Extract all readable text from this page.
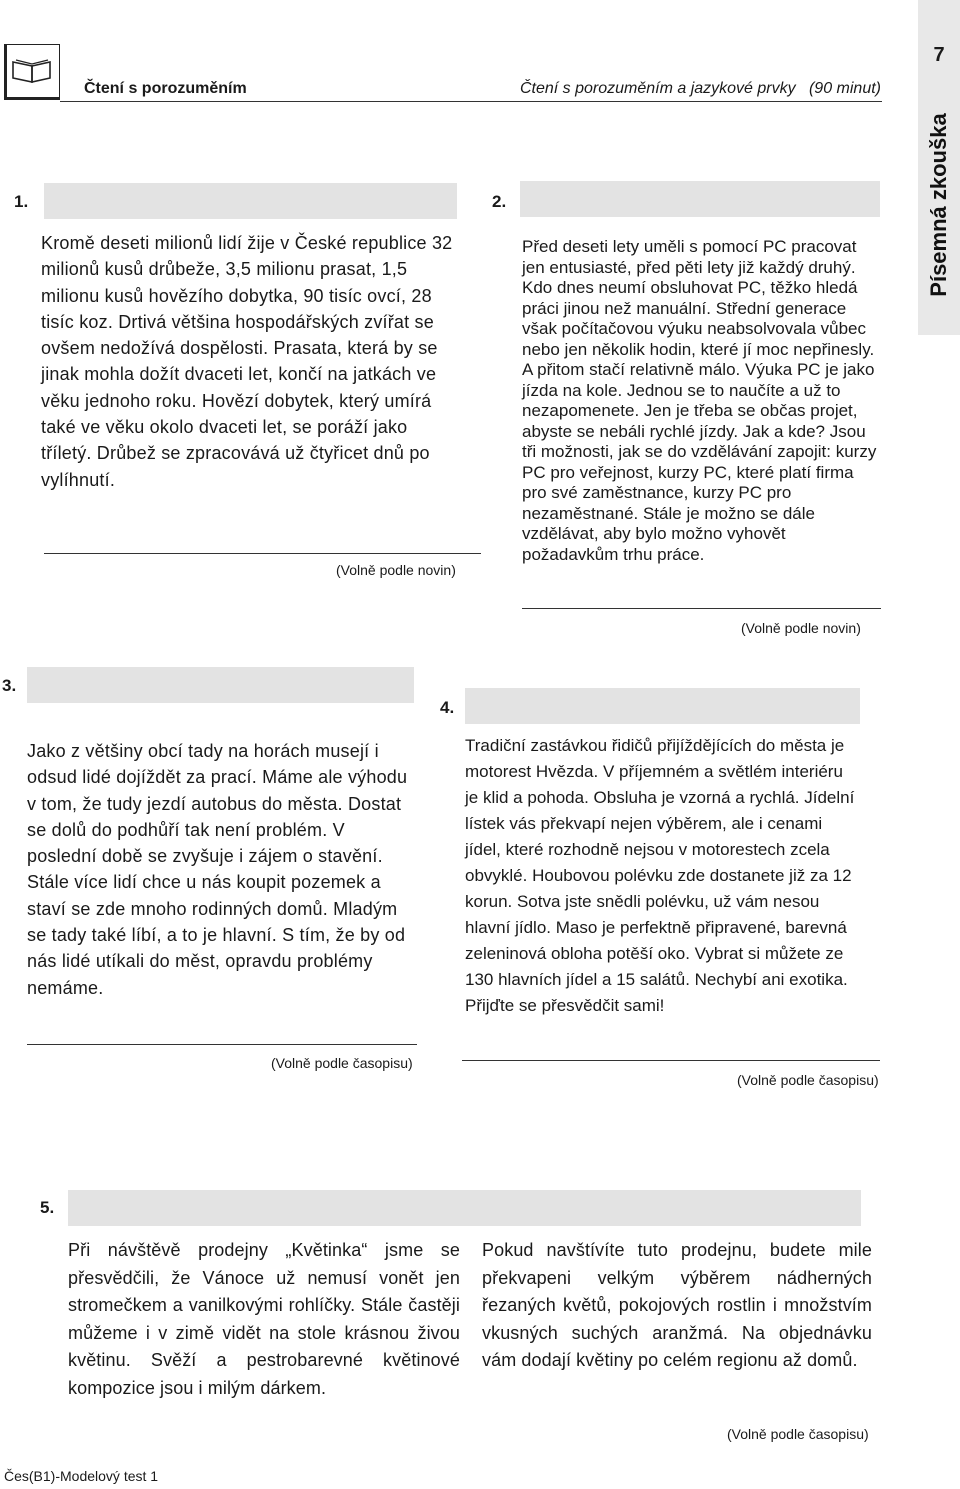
Čtení s porozuměním	Čtení s porozuměním a jazykové prvky (90 minut)
7
Písemná zkouška
1.
Kromě deseti milionů lidí žije v České republice 32 milionů kusů drůbeže, 3,5 milionu prasat, 1,5 milionu kusů hovězího dobytka, 90 tisíc ovcí, 28 tisíc koz. Drtivá většina hospodářských zvířat se ovšem nedožívá dospělosti. Prasata, která by se jinak mohla dožít dvaceti let, končí na jatkách ve věku jednoho roku. Hovězí dobytek, který umírá také ve věku okolo dvaceti let, se poráží jako tříletý. Drůbež se zpracovává už čtyřicet dnů po vylíhnutí.
(Volně podle novin)
2.
Před deseti lety uměli s pomocí PC pracovat jen entusiasté, před pěti lety již každý druhý. Kdo dnes neumí obsluhovat PC, těžko hledá práci jinou než manuální. Střední generace však počítačovou výuku neabsolvovala vůbec nebo jen několik hodin, které jí moc nepřinesly. A přitom stačí relativně málo. Výuka PC je jako jízda na kole. Jednou se to naučíte a už to nezapomenete. Jen je třeba se občas projet, abyste se nebáli rychlé jízdy. Jak a kde? Jsou tři možnosti, jak se do vzdělávání zapojit: kurzy PC pro veřejnost, kurzy PC, které platí firma pro své zaměstnance, kurzy PC pro nezaměstnané. Stále je možno se dále vzdělávat, aby bylo možno vyhovět požadavkům trhu práce.
(Volně podle novin)
3.
Jako z většiny obcí tady na horách musejí i odsud lidé dojíždět za prací. Máme ale výhodu v tom, že tudy jezdí autobus do města. Dostat se dolů do podhůří tak není problém. V poslední době se zvyšuje i zájem o stavění. Stále více lidí chce u nás koupit pozemek a staví se zde mnoho rodinných domů. Mladým se tady také líbí, a to je hlavní. S tím, že by od nás lidé utíkali do měst, opravdu problémy nemáme.
(Volně podle časopisu)
4.
Tradiční zastávkou řidičů přijíždějících do města je motorest Hvězda. V příjemném a světlém interiéru je klid a pohoda. Obsluha je vzorná a rychlá. Jídelní lístek vás překvapí nejen výběrem, ale i cenami jídel, které rozhodně nejsou v motorestech zcela obvyklé. Houbovou polévku zde dostanete již za 12 korun. Sotva jste snědli polévku, už vám nesou hlavní jídlo. Maso je perfektně připravené, barevná zeleninová obloha potěší oko. Vybrat si můžete ze 130 hlavních jídel a 15 salátů. Nechybí ani exotika. Přijďte se přesvědčit sami!
(Volně podle časopisu)
5.
Při návštěvě prodejny „Květinka“ jsme se přesvědčili, že Vánoce už nemusí vonět jen stromečkem a vanilkovými rohlíčky. Stále častěji můžeme i v zimě vidět na stole krásnou živou květinu. Svěží a pestrobarevné květinové kompozice jsou i milým dárkem.
Pokud navštívíte tuto prodejnu, budete mile překvapeni velkým výběrem nádherných řezaných květů, pokojových rostlin i množstvím vkusných suchých aranžmá. Na objednávku vám dodají květiny po celém regionu až domů.
(Volně podle časopisu)
Čes(B1)-Modelový test 1
